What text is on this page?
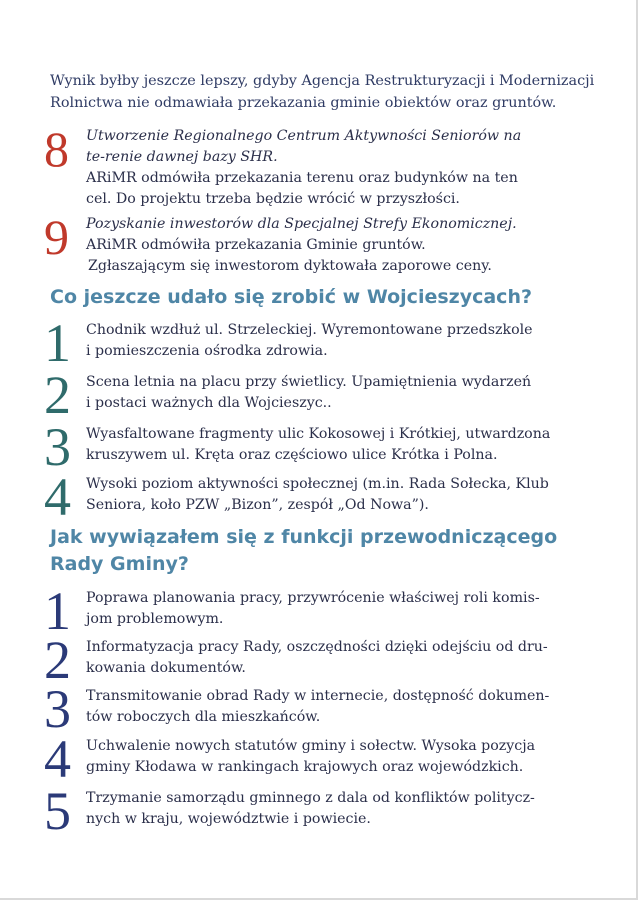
Wynik byłby jeszcze lepszy, gdyby Agencja Restrukturyzacji i Modernizacji
Rolnictwa nie odmawiała przekazania gminie obiektów oraz gruntów.
8 Utworzenie Regionalnego Centrum Aktywności Seniorów na
te-renie dawnej bazy SHR.
ARiMR odmówiła przekazania terenu oraz budynków na ten
cel. Do projektu trzeba będzie wrócić w przyszłości.
9 Pozyskanie inwestorów dla Specjalnej Strefy Ekonomicznej.
ARiMR odmówiła przekazania Gminie gruntów.
Zgłaszającym się inwestorom dyktowała zaporowe ceny.
Co jeszcze udało się zrobić w Wojcieszycach?
1 Chodnik wzdłuż ul. Strzeleckiej. Wyremontowane przedszkole
i pomieszczenia ośrodka zdrowia.
2 Scena letnia na placu przy świetlicy. Upamiętnienia wydarzeń
i postaci ważnych dla Wojcieszyc..
3 Wyasfaltowane fragmenty ulic Kokosowej i Krótkiej, utwardzona
kruszywem ul. Kręta oraz częściowo ulice Krótka i Polna.
4 Wysoki poziom aktywności społecznej (m.in. Rada Sołecka, Klub
Seniora, koło PZW „Bizon”, zespół „Od Nowa”).
Jak wywiązałem się z funkcji przewodniczącego
Rady Gminy?
1 Poprawa planowania pracy, przywrócenie właściwej roli komis-
jom problemowym.
2 Informatyzacja pracy Rady, oszczędności dzięki odejściu od dru-
kowania dokumentów.
3 Transmitowanie obrad Rady w internecie, dostępność dokumen-
tów roboczych dla mieszkańców.
4 Uchwalenie nowych statutów gminy i sołectw. Wysoka pozycja
gminy Kłodawa w rankingach krajowych oraz wojewódzkich.
5 Trzymanie samorządu gminnego z dala od konfliktów politycz-
nych w kraju, województwie i powiecie.
